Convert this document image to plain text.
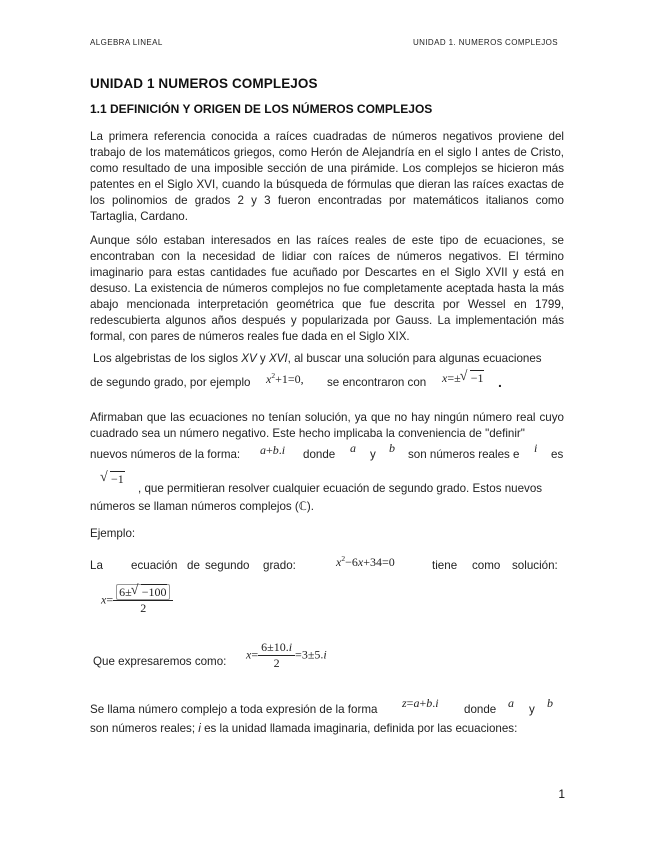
ALGEBRA LINEAL	UNIDAD 1. NUMEROS COMPLEJOS
UNIDAD 1 NUMEROS COMPLEJOS
1.1 DEFINICIÓN Y ORIGEN DE LOS NÚMEROS COMPLEJOS
La primera referencia conocida a raíces cuadradas de números negativos proviene del trabajo de los matemáticos griegos, como Herón de Alejandría en el siglo I antes de Cristo, como resultado de una imposible sección de una pirámide. Los complejos se hicieron más patentes en el Siglo XVI, cuando la búsqueda de fórmulas que dieran las raíces exactas de los polinomios de grados 2 y 3 fueron encontradas por matemáticos italianos como Tartaglia, Cardano.
Aunque sólo estaban interesados en las raíces reales de este tipo de ecuaciones, se encontraban con la necesidad de lidiar con raíces de números negativos. El término imaginario para estas cantidades fue acuñado por Descartes en el Siglo XVII y está en desuso. La existencia de números complejos no fue completamente aceptada hasta la más abajo mencionada interpretación geométrica que fue descrita por Wessel en 1799, redescubierta algunos años después y popularizada por Gauss. La implementación más formal, con pares de números reales fue dada en el Siglo XIX.
Los algebristas de los siglos XV y XVI, al buscar una solución para algunas ecuaciones
de segundo grado, por ejemplo $x^2+1=0$, se encontraron con x=± √ −1 .
Afirmaban que las ecuaciones no tenían solución, ya que no hay ningún número real cuyo cuadrado sea un número negativo. Este hecho implicaba la conveniencia de "definir"
nuevos números de la forma: a+b.i donde a y b son números reales e i es
√ −1
, que permitieran resolver cualquier ecuación de segundo grado. Estos nuevos
números se llaman números complejos (ℂ).
Ejemplo:
La ecuación de segundo grado:	$x^2-6x+34=0$	tiene como solución:
$x= \frac{6\pm √ -100}{2}$
Que expresaremos como:
$x= \frac{6\pm 10.i}{2} =3\pm 5.i$
Se llama número complejo a toda expresión de la forma z=a+b.i donde a y b
son números reales; i es la unidad llamada imaginaria, definida por las ecuaciones:
1
